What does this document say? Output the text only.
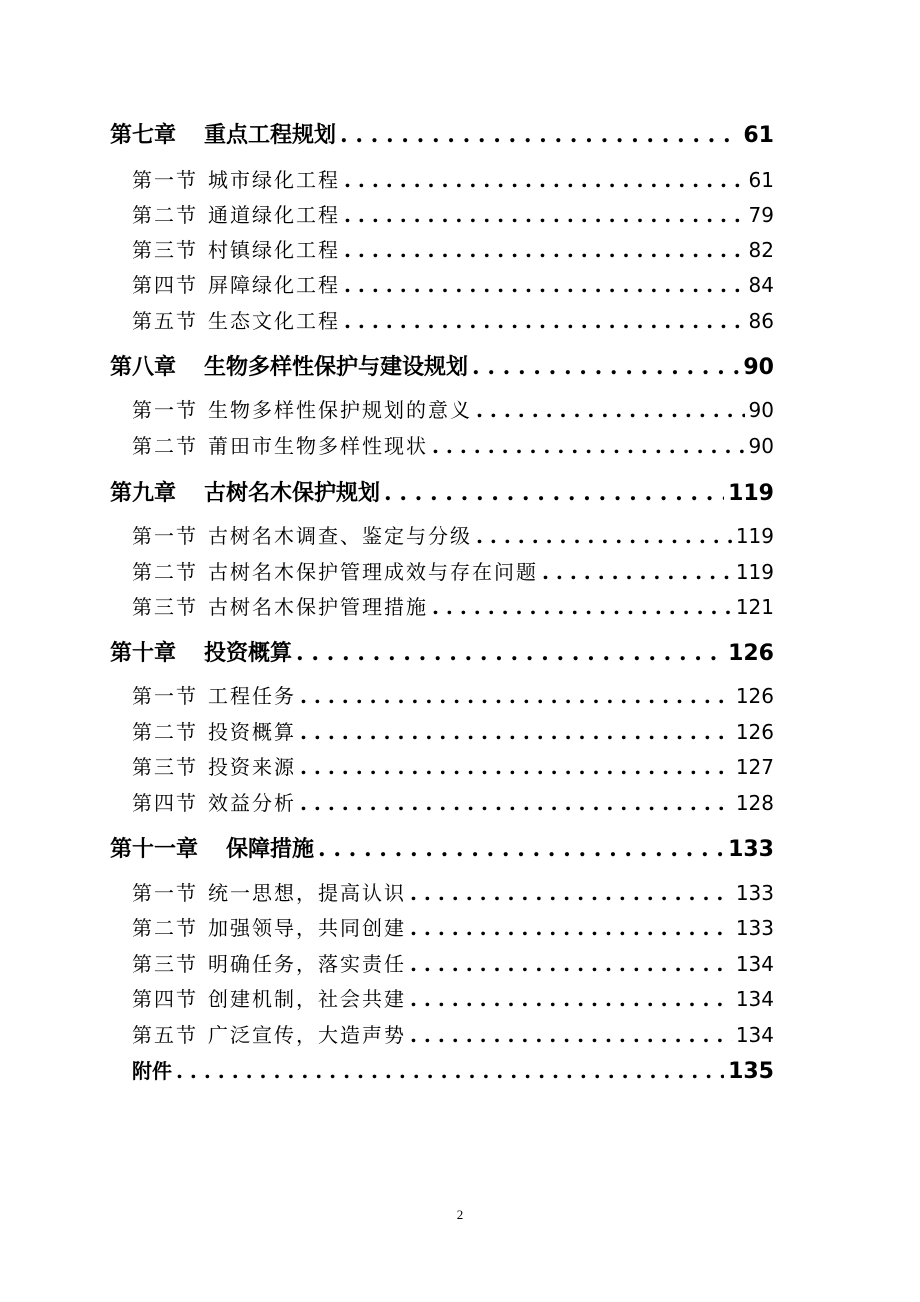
第七章 重点工程规划 . . .	61
第一节 城市绿化工程 . . .	61
第二节 通道绿化工程 . . .	79
第三节 村镇绿化工程 . . .	82
第四节 屏障绿化工程 . . .	84
第五节 生态文化工程 . . .	86
第八章 生物多样性保护与建设规划 . . .	90
第一节 生物多样性保护规划的意义 . . .	90
第二节 莆田市生物多样性现状 . . .	90
第九章 古树名木保护规划 . . .	119
第一节 古树名木调查、鉴定与分级 . . .	119
第二节 古树名木保护管理成效与存在问题 . . .	119
第三节 古树名木保护管理措施 . . .	121
第十章 投资概算 . . .	126
第一节 工程任务 . . .	126
第二节 投资概算 . . .	126
第三节 投资来源 . . .	127
第四节 效益分析 . . .	128
第十一章 保障措施 . . .	133
第一节 统一思想，提高认识 . . .	133
第二节 加强领导，共同创建 . . .	133
第三节 明确任务，落实责任 . . .	134
第四节 创建机制，社会共建 . . .	134
第五节 广泛宣传，大造声势 . . .	134
附件 . . .	135
2
